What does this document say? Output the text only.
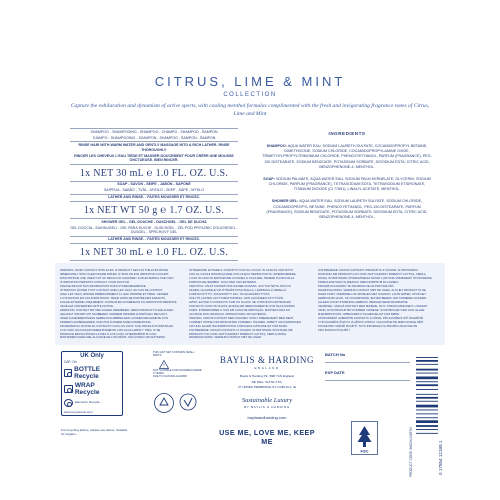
CITRUS, LIME & MINT
COLLECTION
Capture the exhilaration and dynamism of active sports, with cooling menthol formulas complimented with the fresh and invigorating fragrance notes of Citrus, Lime and Mint
SHAMPOO - SHAMPOOING - SHAMPOO - CHAMPÚ - SHAMPOO - ŠAMPON
SJAMPO - SHAMPOOING - SZAMPON - SHAMPOO - ŠAMPON - ŠAMPON
RINSE HAIR WITH WARM WATER AND GENTLY MASSAGE INTO A RICH LATHER. RINSE THOROUGHLY.
RINCER LES CHEVEUX L'EAU TIÈDE ET MASSER DOUCEMENT POUR CRÉER UNE MOUSSE ONCTUEUSE. BIEN RINCER.
1x NET 30 mL ℮ 1.0 FL. OZ. U.S.
SOAP - SAVON - SEIFE - JABÓN - SAPONE
SAIPPUA - SABÃO - TVÅL - MYDŁO - ZEEP - SÁPE - MÝDLO
LATHER AND RINSE. - FAITES MOUSSER ET RINCEZ.
1x NET WT 50 g ℮ 1.7 OZ. U.S.
SHOWER GEL - GEL DOUCHE - DUSCHGEL - GEL DE DUCHA
GEL DOCCIA - SUIHKUGELI - GEL PARA DUCHE - DUSCHGEL - ŻEL POD PRYSZNIC DOUCHEGEL - DUSGEL - SPRCHOVÝ GEL
LATHER AND RINSE. - FAITES MOUSSER ET RINCEZ.
1x NET 30 mL ℮ 1.0 FL. OZ. U.S.
INGREDIENTS

SHAMPOO: AQUA WATER EAU, SODIUM LAURETH SULFATE, COCAMIDOPROPYL BETAINE, DIMETHICONE, SODIUM CHLORIDE, COCAMIDOPROPYLAMINE OXIDE, TRIMETHYLPROPYLTRIMONIUM CHLORIDE, PHENOXYETHANOL, PARFUM (FRAGRANCE), PEG-150 DISTEARATE, SODIUM BENZOATE, POTASSIUM SORBATE, DISODIUM EDTA, CITRIC ACID, BENZOPHENONE-4, MENTHOL.

SOAP: SODIUM PALMATE, AQUA WATER EAU, SODIUM PALM KERNELATE, GLYCERIN, SODIUM CHLORIDE, PARFUM (FRAGRANCE), TETRASODIUM EDTA, TETRASODIUM ETIDRONATE, TITANIUM DIOXIDE (CI 77891), LINALYL ACETATE, MENTHOL.

SHOWER GEL: AQUA WATER EAU, SODIUM LAURETH SULFATE, SODIUM CHLORIDE, COCAMIDOPROPYL BETAINE, PHENOXYETHANOL, PEG-150 DISTEARATE, PARFUM (FRAGRANCE), SODIUM BENZOATE, POTASSIUM SORBATE, DISODIUM EDTA, CITRIC ACID, BENZOPHENONE-4, MENTHOL.

WARNING: AVOID CONTACT WITH EYES. IF PRODUCT GETS IN THE EYES RINSE
IMMEDIATELY WITH CLEAN WARM WATER. IF SKIN OR EYE IRRITATION OCCURS
DISCONTINUE USE. KEEP OUT OF REACH OF CHILDREN. FOR EXTERNAL USE ONLY.
IF IRRITATION PERSISTS CONSULT YOUR DOCTOR.
PLEASE RETAIN THIS INFORMATION FOR FUTURE REFERENCE.
ATTENTION: ÉVITER TOUT CONTACT AVEC LES YEUX. EN CAS DE CONTACT
AVEC LES YEUX, RINCER IMMÉDIATEMENT À L'EAU PROPRE ET TIÈDE. CESSER
L'UTILISATION EN CAS D'IRRITATION. TENIR HORS DE PORTÉE DES ENFANTS.
USAGE EXTERNE UNIQUEMENT. CONSULTER UN MÉDECIN SI L'IRRITATION PERSISTE.
VEUILLEZ CONSERVER CETTE NOTICE.
WARNUNG: KONTAKT MIT DEN AUGEN VERMEIDEN. WENN PRODUKT IN DIE AUGEN
GELANGT SOFORT MIT SAUBEREM, WARMEM WASSER AUSSPÜLEN. BEI HAUT-
ODER AUGENREIZUNGEN GEBRAUCH ABBRECHEN. AUSSER REICHWEITE VON
KINDERN AUFBEWAHREN. NUR ZUR ÄUSSERLICHEN ANWENDUNG.
ADVERTENCIA: EVITAR EL CONTACTO CON LOS OJOS. SI EL PRODUCTO ENTRA EN
LOS OJOS, ENJUAGAR INMEDIATAMENTE CON AGUA LIMPIA Y TIBIA. SI SE
PRODUCE IRRITACIÓN EN LA PIEL O LOS OJOS, INTERRUMPIR SU USO.
MANTENER FUERA DEL ALCANCE DE LOS NIÑOS. SÓLO PARA USO EXTERNO.
ATTENZIONE: EVITARE IL CONTATTO CON GLI OCCHI. IN CASO DI CONTATTO
CON GLI OCCHI RISCIACQUARE CON ACQUA TIEPIDA PULITA. INTERROMPERE
L'USO IN CASO DI IRRITAZIONE CUTANEA O OCULARE. TENERE FUORI DALLA
PORTATA DEI BAMBINI. SOLO PER USO ESTERNO.
VAROITUS: VÄLTÄ KOSKETUSTA SILMIEN KANSSA. JOS TUOTETTA JOUTUU
SILMIIN, HUUHTELE VÄLITTÖMÄSTI PUHTAALLA, LÄMPIMÄLLÄ VEDELLÄ.
LOPETA KÄYTTÖ, JOS ESIINTYY IHO- TAI SILMÄÄRSYTYSTÄ.
SÄILYTÄ LASTEN ULOTTUMATTOMISSA. VAIN ULKOISEEN KÄYTTÖÖN.
AVISO: EVITAR O CONTACTO COM OS OLHOS. SE O PRODUTO ENTRAR EM
CONTACTO COM OS OLHOS, ENXAGUAR IMEDIATAMENTE COM ÁGUA MORNA
LIMPA. INTERROMPER O USO EM CASO DE IRRITAÇÃO. MANTER FORA DO
ALCANCE DAS CRIANÇAS. APENAS PARA USO EXTERNO.
VARNING: UNDVIK KONTAKT MED ÖGONEN. SKÖLJ OMEDELBART MED RENT,
LJUMMET VATTEN OM PRODUKTEN KOMMER I ÖGONEN. AVBRYT ANVÄNDNINGEN
VID HUD- ELLER ÖGONIRRITATION. FÖRVARAS OÅTKOMLIGT FÖR BARN.
OSTRZEŻENIE: UNIKAĆ KONTAKTU Z OCZAMI. W PRZYPADKU DOSTANIA SIĘ
PRODUKTU DO OCZU NATYCHMIAST PRZEMYĆ CZYSTĄ, CIEPŁĄ WODĄ.
WAARSCHUWING: VERMIJD CONTACT MET DE OGEN.
OSTRZEŻENIE: UNIKAĆ KONTAKTU PRODUKTU Z OCZAMI. W PRZYPADKU
DOSTANIA SIĘ PRODUKTU DO OCZU NATYCHMIAST PRZEMYĆ CZYSTĄ, CIEPŁĄ
WODĄ. W PRZYPADKU PODRAŻNIENIA SKÓRY LUB OCZU PRZERWAĆ STOSOWANIE.
PRZECHOWYWAĆ W MIEJSCU NIEDOSTĘPNYM DLA DZIECI.
PROSZĘ ZACHOWAĆ TE INFORMACJE NA PRZYSZŁOŚĆ.
WAARSCHUWING: VERMIJD CONTACT MET DE OGEN. ALS HET PRODUCT IN DE
OGEN KOMT, ONMIDDELLIJK SPOELEN MET SCHOON, LAUW WATER. STOP HET
GEBRUIK BIJ HUID- OF OOGIRRITATIE. BUITEN BEREIK VAN KINDEREN HOUDEN.
ALLEEN VOOR UITWENDIG GEBRUIK. BEWAAR DEZE INFORMATIE.
ADVARSEL: UNDGÅ KONTAKT MED ØJNENE. SKYL STRAKS MED RENT, LUNKENT
VAND, HVIS PRODUKTET KOMMER I ØJNENE. STOP BRUGEN VED HUD- ELLER
ØJENIRRITATION. OPBEVARES UTILGÆNGELIGT FOR BØRN.
UPOZORNĚNÍ: ZABRAŇTE KONTAKTU S OČIMA. PŘI ZASAŽENÍ OČÍ OKAMŽITĚ
VYPLÁCHNĚTE ČISTOU VLAŽNOU VODOU. UCHOVÁVEJTE MIMO DOSAH DĚTÍ.
POUZE PRO VNĚJŠÍ POUŽITÍ. TUTO INFORMACI SI PROSÍM USCHOVEJTE
PRO BUDOUCÍ POUŽITÍ.
UK Only
CAP: On
BOTTLE Recycle
WRAP Recycle
Elements: Recycle
www.recyclenow.com
For recycling advice, please see above. Suitable for Vegans.
THIS GIFT SET CONTAINS SMALL PARTS
!
NOT SUITABLE FOR CHILDREN UNDER 3 YEARS
DUE TO CHOKING HAZARD
BAYLIS & HARDING
ENGLAND
Baylis & Harding Plc. B98 7AS England
RE WEL, SUITE 3.6S,
27 UPPER PEMBROKE ST, DUBLIN 2, IE
Sustainable Luxury
BY BAYLIS & HARDING
baylisandharding.com
USE ME, LOVE ME, KEEP ME
BATCH No
EXP DATE
FSC	PRODUCT CODE: BHCMLCARTN	0 17854 12188 1
